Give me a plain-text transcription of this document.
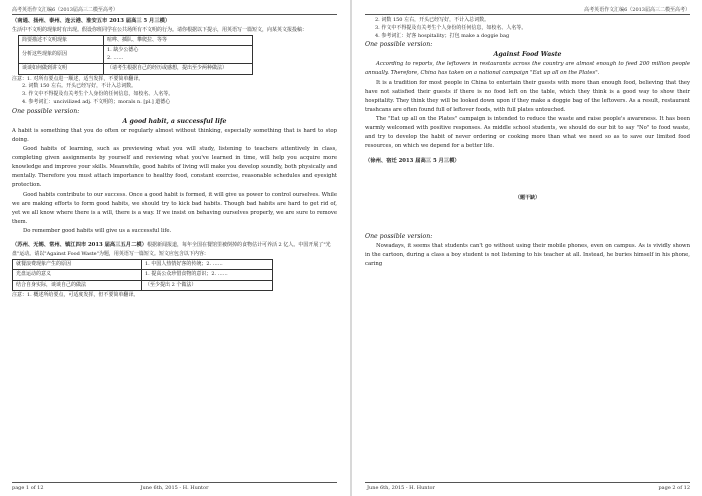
高考英语作文汇编6（2013届高三二模至高考）

（南通、扬州、泰州、连云港、淮安五市 2013 届高三 5 月三模）

生活中不文明的现象时有出现。假设你班同学在公共场所有不文明的行为。请你根据以下提示，用英语写一篇短文，向某英文报投稿：

简要描述不文明现象	喧哗、插队、攀爬拉、等等
分析这些现象的原因	1. 缺少公德心
2. ……
谈谈如何做到讲文明	（请考生根据自己的经历或感想，提出至少两种做法）

注意：1. 对所有要点进一顺述，适当发挥，不要简单翻译。

2. 词数 150 左右。开头已经写好，不计入总词数。

3. 作文中不得提及有关考生个人身份的任何信息，如校名、人名等。

4. 参考词汇：uncivilized adj. 不文明的；morals n. [pl.] 道德心

One possible version:

A good habit, a successful life

A habit is something that you do often or regularly almost without thinking, especially something that is hard to stop doing.

Good habits of learning, such as previewing what you will study, listening to teachers attentively in class, completing given assignments by yourself and reviewing what you've learned in time, will help you acquire more knowledge and improve your skills. Meanwhile, good habits of living will make you develop soundly, both physically and mentally. Therefore you must attach importance to healthy food, constant exercise, reasonable schedules and eyesight protection.

Good habits contribute to our success. Once a good habit is formed, it will give us power to control ourselves. While we are making efforts to form good habits, we should try to kick bad habits. Though bad habits are hard to get rid of, yet we all know where there is a will, there is a way. If we insist on behaving ourselves properly, we are sure to remove them.

Do remember good habits will give us a successful life.

（苏州、无锡、常州、镇江四市 2013 届高三五月二模）根据新闻报道，每年全国在餐馆里被倒掉的食物估计可养活 2 亿人。中国开展了"光盘"运动。请以"Against Food Waste"为题，用英语写一篇短文。短文应包含以下内容：

就餐浪费现象产生的原因	1. 中国人热情好客的传统；2. ……
光盘运动的意义	1. 提高公众珍惜食物的意识；2. ……
结合自身实际，谈谈自己的做法	（至少提出 2 个做法）

注意：1. 概述所给要点，可适度发挥，但不要简单翻译。

page 1 of 12	June 6th, 2015 - H. Huntor
高考英语作文汇编6（2013届高三二模至高考）

2. 词数 150 左右，开头已经写好，不计入总词数。

3. 作文中不得提及有关考生个人身份的任何信息，如校名、人名等。

4. 参考词汇：好客 hospitality；打包 make a doggie bag

One possible version:

Against Food Waste

According to reports, the leftovers in restaurants across the country are almost enough to feed 200 million people annually. Therefore, China has taken on a national campaign "Eat up all on the Plates".

It is a tradition for most people in China to entertain their guests with more than enough food, believing that they have not satisfied their guests if there is no food left on the table, which they think is a good way to show their hospitality. They think they will be looked down upon if they make a doggie bag of the leftovers. As a result, restaurant trashcans are often found full of leftover foods, with full plates untouched.

The "Eat up all on the Plates" campaign is intended to reduce the waste and raise people's awareness. It has been warmly welcomed with positive responses. As middle school students, we should do our bit to say "No" to food waste, and try to develop the habit of never ordering or cooking more than what we need so as to save our limited food resources, on which we depend for a better life.

（徐州、宿迁 2013 届高三 5 月三模）

（题干缺）

One possible version:

Nowadays, it seems that students can't go without using their mobile phones, even on campus. As is vividly shown in the cartoon, during a class a boy student is not listening to his teacher at all. Instead, he buries himself in his phone, caring

June 6th, 2015 - H. Huntor	page 2 of 12
